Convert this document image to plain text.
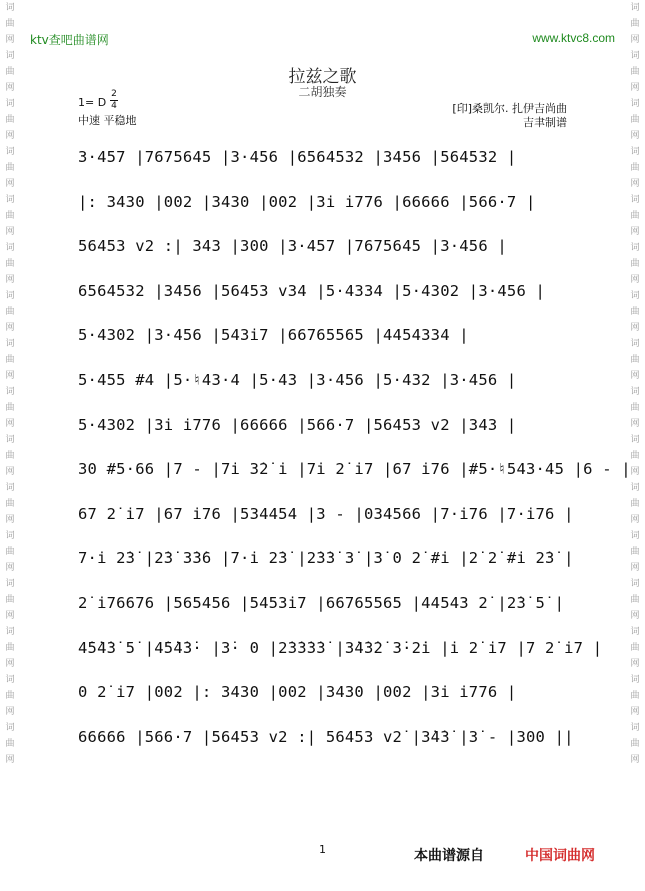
词
曲
网
词
曲
网
词
曲
网
词
曲
网
词
曲
网
词
曲
网
词
曲
网
词
曲
网
词
曲
网
词
曲
网
词
曲
网
词
曲
网
词
曲
网
词
曲
网
词
曲
网
词
曲
网
词
曲
网
词
曲
网
词
曲
网
词
曲
网
词
曲
网
词
曲
网
词
曲
网
词
曲
网
词
曲
网
词
曲
网
词
曲
网
词
曲
网
词
曲
网
词
曲
网
词
曲
网
词
曲
网
ktv查吧曲谱网	www.ktvc8.com
拉兹之歌
二胡独奏
1= D
2
4
中速 平稳地
[印]桑凯尔. 扎伊吉尚曲
吉聿制谱
3·457 |7675645 |3·456 |6564532 |3456 |564532 |
|: 3430 |002 |3430 |002 |3i i776 |66666 |566·7 |
56453 v2 :| 343 |300 |3·457 |7675645 |3·456 |
6564532 |3456 |56453 v34 |5·4334 |5·4302 |3·456 |
5·4302 |3·456 |543i7 |66765565 |4454334 |
5·455 #4 |5·♮43·4 |5·43 |3·456 |5·432 |3·456 |
5·4302 |3i i776 |66666 |566·7 |56453 v2 |343 |
30 #5·66 |7 - |7i 3̇2̇ i |7i 2̇ i7 |67 i76 |#5·♮543·45 |6 - |
67 2̇ i7 |67 i76 |534454 |3 - |034566 |7·i76 |7·i76 |
7·i 2̇3̇ |2̇3̇ 3̇3̇6 |7·i 2̇3̇ |2̇3̇3̇ 3̇ |3̇ 0 2̇ #i |2̇ 2̇ #i 2̇3̇ |
2̇ i76676 |565456 |5453i7 |66765565 |44543 2̇ |2̇3̇ 5̇ |
4̇5̇4̇3̇ 5̇ |4̇5̇4̇3̇· |3̇· 0 |2̇3̇3̇3̇3̇ |3̇4̇3̇2̇ 3̇·2̇i |i 2̇ i7 |7 2̇ i7 |
0 2̇ i7 |002 |: 3430 |002 |3430 |002 |3i i776 |
66666 |566·7 |56453 v2 :| 56453 v2̇ |3̇4̇3̇ |3̇ - |300 ||
1	本曲谱源自	中国词曲网
